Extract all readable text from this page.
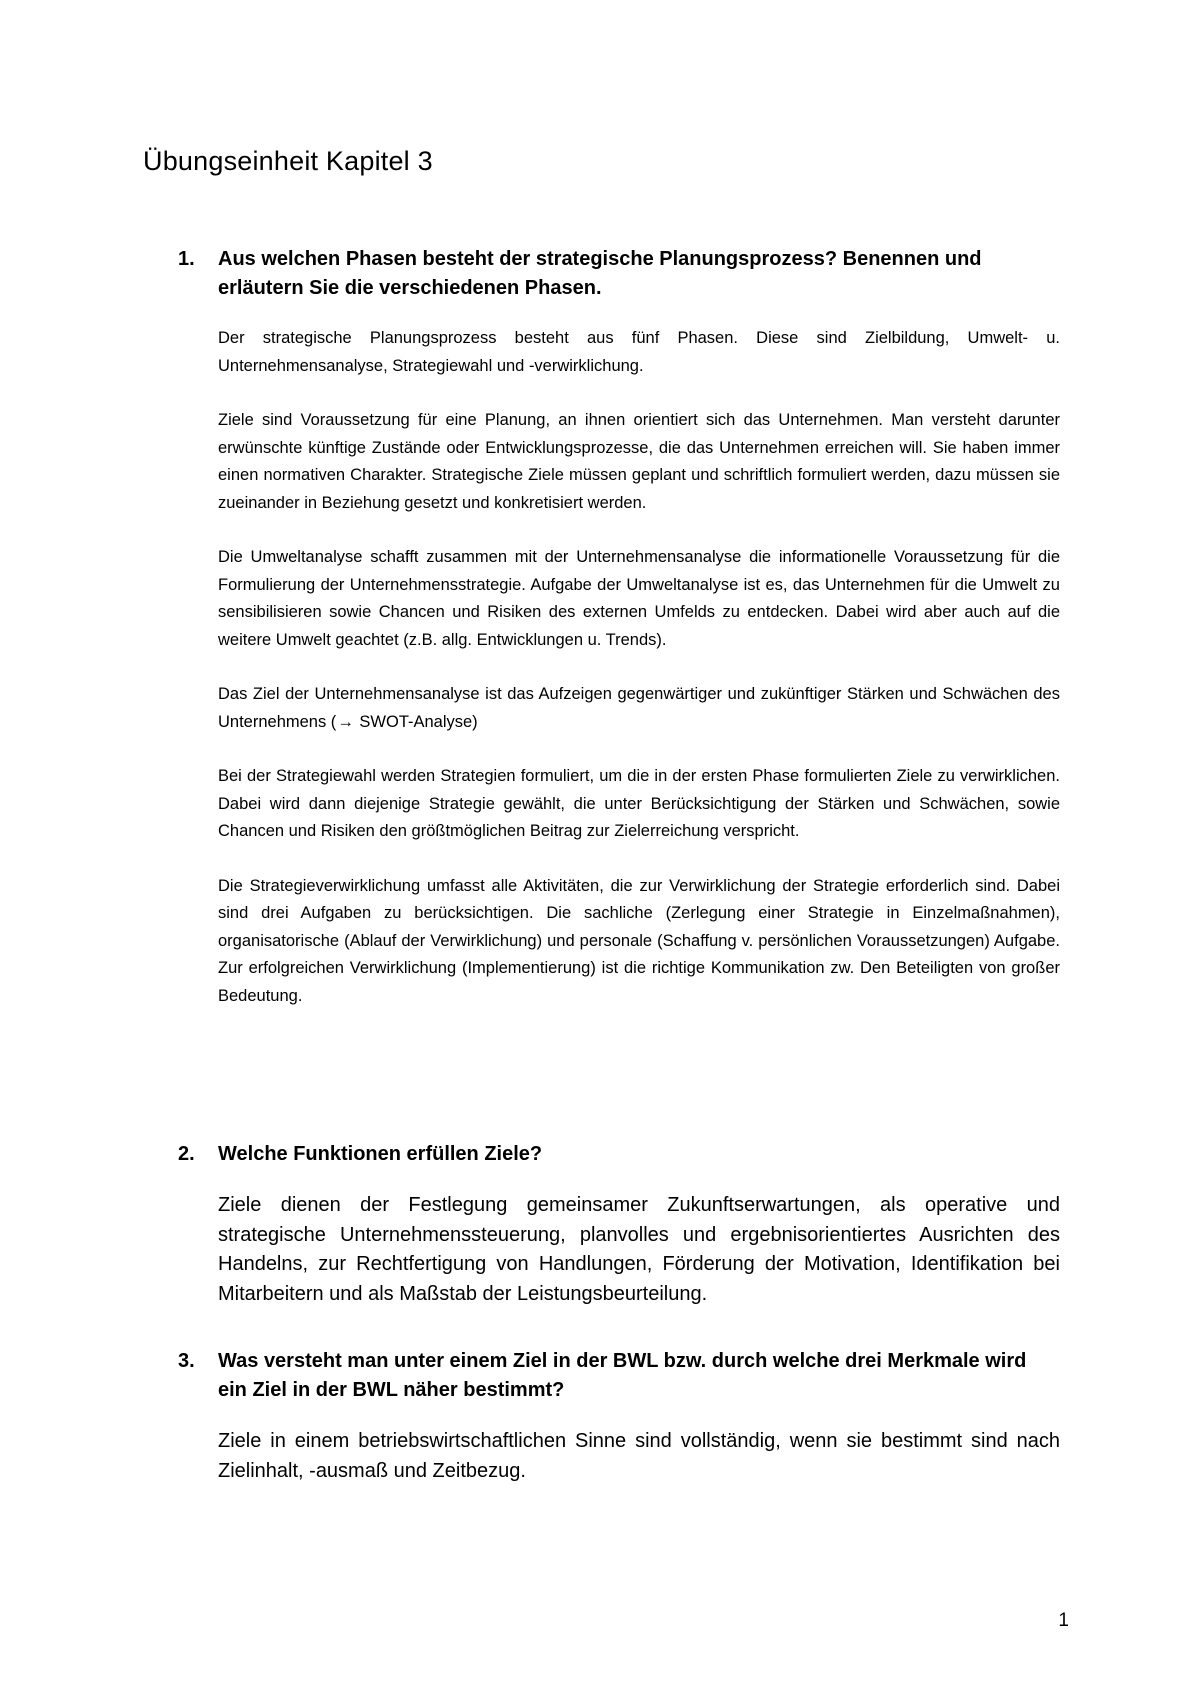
Übungseinheit Kapitel 3
1. Aus welchen Phasen besteht der strategische Planungsprozess? Benennen und erläutern Sie die verschiedenen Phasen.

Der strategische Planungsprozess besteht aus fünf Phasen. Diese sind Zielbildung, Umwelt- u. Unternehmensanalyse, Strategiewahl und -verwirklichung.

Ziele sind Voraussetzung für eine Planung, an ihnen orientiert sich das Unternehmen. Man versteht darunter erwünschte künftige Zustände oder Entwicklungsprozesse, die das Unternehmen erreichen will. Sie haben immer einen normativen Charakter. Strategische Ziele müssen geplant und schriftlich formuliert werden, dazu müssen sie zueinander in Beziehung gesetzt und konkretisiert werden.

Die Umweltanalyse schafft zusammen mit der Unternehmensanalyse die informationelle Voraussetzung für die Formulierung der Unternehmensstrategie. Aufgabe der Umweltanalyse ist es, das Unternehmen für die Umwelt zu sensibilisieren sowie Chancen und Risiken des externen Umfelds zu entdecken. Dabei wird aber auch auf die weitere Umwelt geachtet (z.B. allg. Entwicklungen u. Trends).

Das Ziel der Unternehmensanalyse ist das Aufzeigen gegenwärtiger und zukünftiger Stärken und Schwächen des Unternehmens (→ SWOT-Analyse)

Bei der Strategiewahl werden Strategien formuliert, um die in der ersten Phase formulierten Ziele zu verwirklichen. Dabei wird dann diejenige Strategie gewählt, die unter Berücksichtigung der Stärken und Schwächen, sowie Chancen und Risiken den größtmöglichen Beitrag zur Zielerreichung verspricht.

Die Strategieverwirklichung umfasst alle Aktivitäten, die zur Verwirklichung der Strategie erforderlich sind. Dabei sind drei Aufgaben zu berücksichtigen. Die sachliche (Zerlegung einer Strategie in Einzelmaßnahmen), organisatorische (Ablauf der Verwirklichung) und personale (Schaffung v. persönlichen Voraussetzungen) Aufgabe. Zur erfolgreichen Verwirklichung (Implementierung) ist die richtige Kommunikation zw. Den Beteiligten von großer Bedeutung.

2. Welche Funktionen erfüllen Ziele?

Ziele dienen der Festlegung gemeinsamer Zukunftserwartungen, als operative und strategische Unternehmenssteuerung, planvolles und ergebnisorientiertes Ausrichten des Handelns, zur Rechtfertigung von Handlungen, Förderung der Motivation, Identifikation bei Mitarbeitern und als Maßstab der Leistungsbeurteilung.

3. Was versteht man unter einem Ziel in der BWL bzw. durch welche drei Merkmale wird ein Ziel in der BWL näher bestimmt?

Ziele in einem betriebswirtschaftlichen Sinne sind vollständig, wenn sie bestimmt sind nach Zielinhalt, -ausmaß und Zeitbezug.

1
